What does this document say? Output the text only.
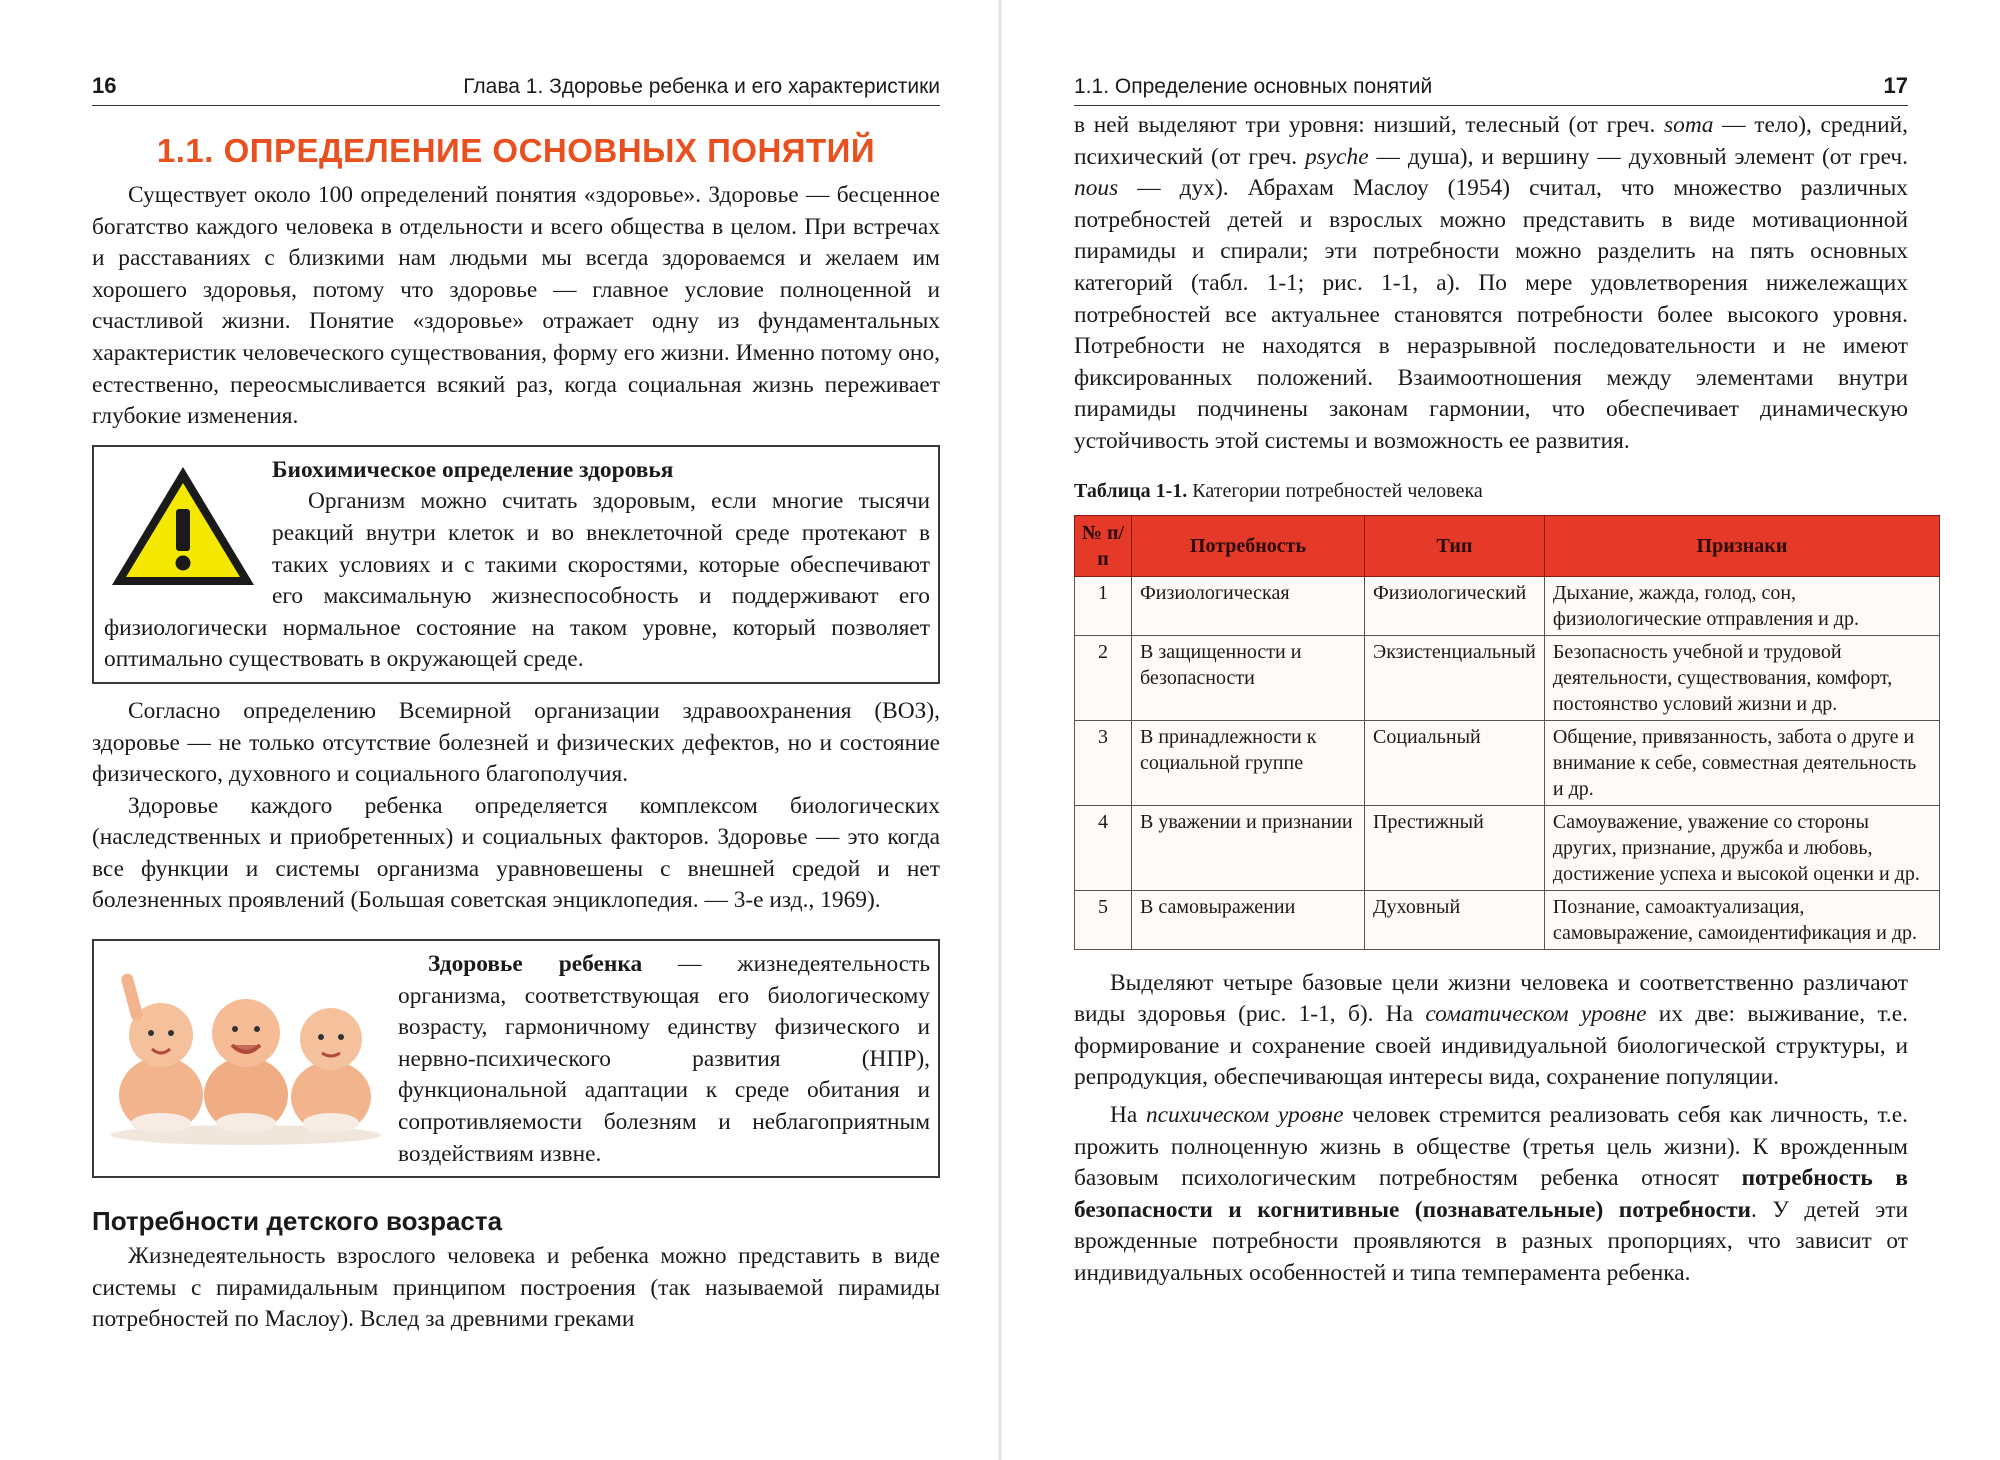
16	Глава 1. Здоровье ребенка и его характеристики
1.1. ОПРЕДЕЛЕНИЕ ОСНОВНЫХ ПОНЯТИЙ

Существует около 100 определений понятия «здоровье». Здоровье — бесценное богатство каждого человека в отдельности и всего общества в целом. При встречах и расставаниях с близкими нам людьми мы всегда здороваемся и желаем им хорошего здоровья, потому что здоровье — главное условие полноценной и счастливой жизни. Понятие «здоровье» отражает одну из фундаментальных характеристик человеческого существования, форму его жизни. Именно потому оно, естественно, переосмысливается всякий раз, когда социальная жизнь переживает глубокие изменения.

Биохимическое определение здоровья
Организм можно считать здоровым, если многие тысячи реакций внутри клеток и во внеклеточной среде протекают в таких условиях и с такими скоростями, которые обеспечивают его максимальную жизнеспособность и поддерживают его физиологически нормальное состояние на таком уровне, который позволяет оптимально существовать в окружающей среде.

Согласно определению Всемирной организации здравоохранения (ВОЗ), здоровье — не только отсутствие болезней и физических дефектов, но и состояние физического, духовного и социального благополучия.

Здоровье каждого ребенка определяется комплексом биологических (наследственных и приобретенных) и социальных факторов. Здоровье — это когда все функции и системы организма уравновешены с внешней средой и нет болезненных проявлений (Большая советская энциклопедия. — 3-е изд., 1969).

Здоровье ребенка — жизнедеятельность организма, соответствующая его биологическому возрасту, гармоничному единству физического и нервно-психического развития (НПР), функциональной адаптации к среде обитания и сопротивляемости болезням и неблагоприятным воздействиям извне.
Потребности детского возраста

Жизнедеятельность взрослого человека и ребенка можно представить в виде системы с пирамидальным принципом построения (так называемой пирамиды потребностей по Маслоу). Вслед за древними греками

1.1. Определение основных понятий	17

в ней выделяют три уровня: низший, телесный (от греч. soma — тело), средний, психический (от греч. psyche — душа), и вершину — духовный элемент (от греч. nous — дух). Абрахам Маслоу (1954) считал, что множество различных потребностей детей и взрослых можно представить в виде мотивационной пирамиды и спирали; эти потребности можно разделить на пять основных категорий (табл. 1-1; рис. 1-1, а). По мере удовлетворения нижележащих потребностей все актуальнее становятся потребности более высокого уровня. Потребности не находятся в неразрывной последовательности и не имеют фиксированных положений. Взаимоотношения между элементами внутри пирамиды подчинены законам гармонии, что обеспечивает динамическую устойчивость этой системы и возможность ее развития.

Таблица 1-1. Категории потребностей человека
№ п/п	Потребность	Тип	Признаки
1	Физиологическая	Физиологический	Дыхание, жажда, голод, сон, физиологические отправления и др.
2	В защищенности и безопасности	Экзистенциальный	Безопасность учебной и трудовой деятельности, существования, комфорт, постоянство условий жизни и др.
3	В принадлежности к социальной группе	Социальный	Общение, привязанность, забота о друге и внимание к себе, совместная деятельность и др.
4	В уважении и признании	Престижный	Самоуважение, уважение со стороны других, признание, дружба и любовь, достижение успеха и высокой оценки и др.
5	В самовыражении	Духовный	Познание, самоактуализация, самовыражение, самоидентификация и др.

Выделяют четыре базовые цели жизни человека и соответственно различают виды здоровья (рис. 1-1, б). На соматическом уровне их две: выживание, т.е. формирование и сохранение своей индивидуальной биологической структуры, и репродукция, обеспечивающая интересы вида, сохранение популяции.

На психическом уровне человек стремится реализовать себя как личность, т.е. прожить полноценную жизнь в обществе (третья цель жизни). К врожденным базовым психологическим потребностям ребенка относят потребность в безопасности и когнитивные (познавательные) потребности. У детей эти врожденные потребности проявляются в разных пропорциях, что зависит от индивидуальных особенностей и типа темперамента ребенка.
